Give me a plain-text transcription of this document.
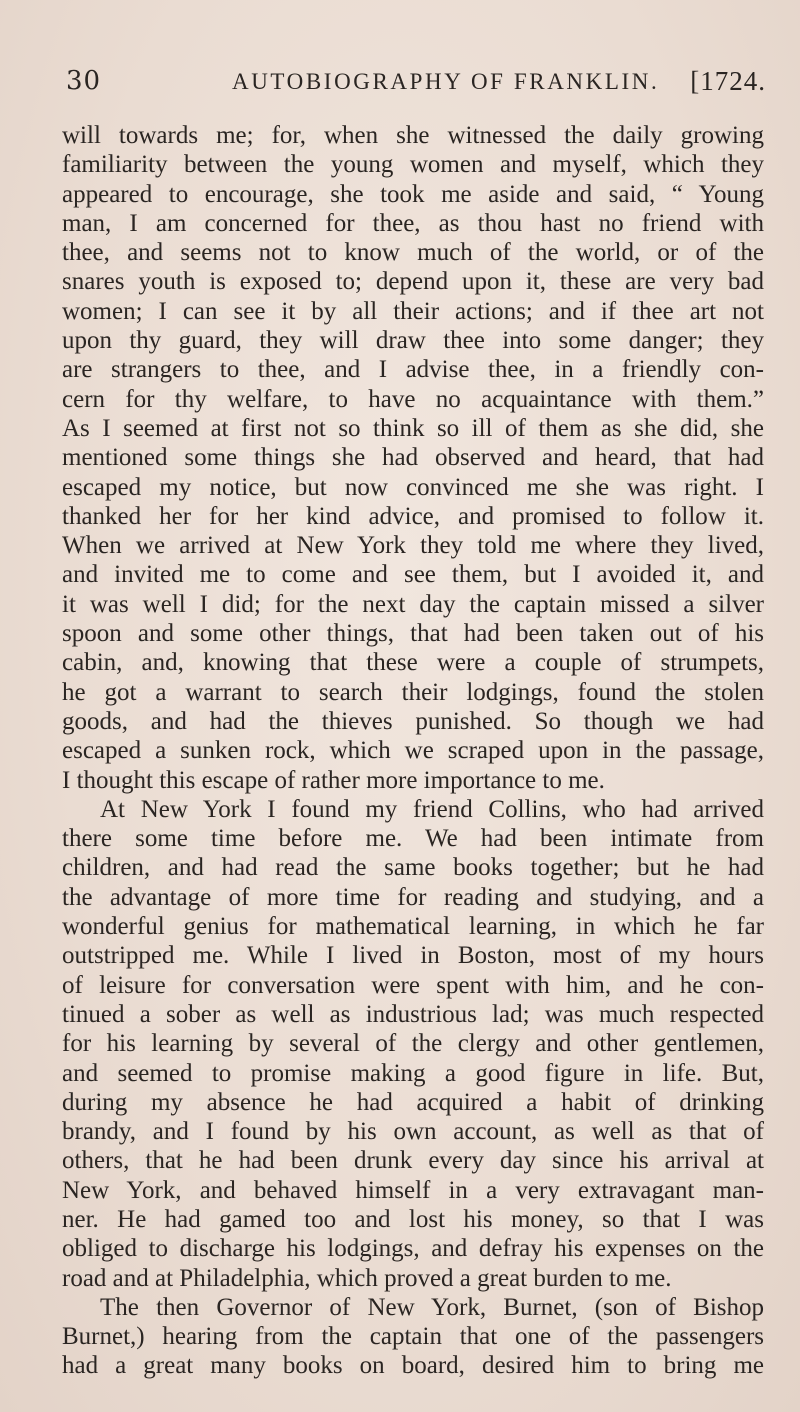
30	AUTOBIOGRAPHY OF FRANKLIN. [1724.
will towards me; for, when she witnessed the daily growing
familiarity between the young women and myself, which they
appeared to encourage, she took me aside and said, “ Young
man, I am concerned for thee, as thou hast no friend with
thee, and seems not to know much of the world, or of the
snares youth is exposed to; depend upon it, these are very bad
women; I can see it by all their actions; and if thee art not
upon thy guard, they will draw thee into some danger; they
are strangers to thee, and I advise thee, in a friendly con-
cern for thy welfare, to have no acquaintance with them.”
As I seemed at first not so think so ill of them as she did, she
mentioned some things she had observed and heard, that had
escaped my notice, but now convinced me she was right. I
thanked her for her kind advice, and promised to follow it.
When we arrived at New York they told me where they lived,
and invited me to come and see them, but I avoided it, and
it was well I did; for the next day the captain missed a silver
spoon and some other things, that had been taken out of his
cabin, and, knowing that these were a couple of strumpets,
he got a warrant to search their lodgings, found the stolen
goods, and had the thieves punished. So though we had
escaped a sunken rock, which we scraped upon in the passage,
I thought this escape of rather more importance to me.
At New York I found my friend Collins, who had arrived
there some time before me. We had been intimate from
children, and had read the same books together; but he had
the advantage of more time for reading and studying, and a
wonderful genius for mathematical learning, in which he far
outstripped me. While I lived in Boston, most of my hours
of leisure for conversation were spent with him, and he con-
tinued a sober as well as industrious lad; was much respected
for his learning by several of the clergy and other gentlemen,
and seemed to promise making a good figure in life. But,
during my absence he had acquired a habit of drinking
brandy, and I found by his own account, as well as that of
others, that he had been drunk every day since his arrival at
New York, and behaved himself in a very extravagant man-
ner. He had gamed too and lost his money, so that I was
obliged to discharge his lodgings, and defray his expenses on the
road and at Philadelphia, which proved a great burden to me.
The then Governor of New York, Burnet, (son of Bishop
Burnet,) hearing from the captain that one of the passengers
had a great many books on board, desired him to bring me
